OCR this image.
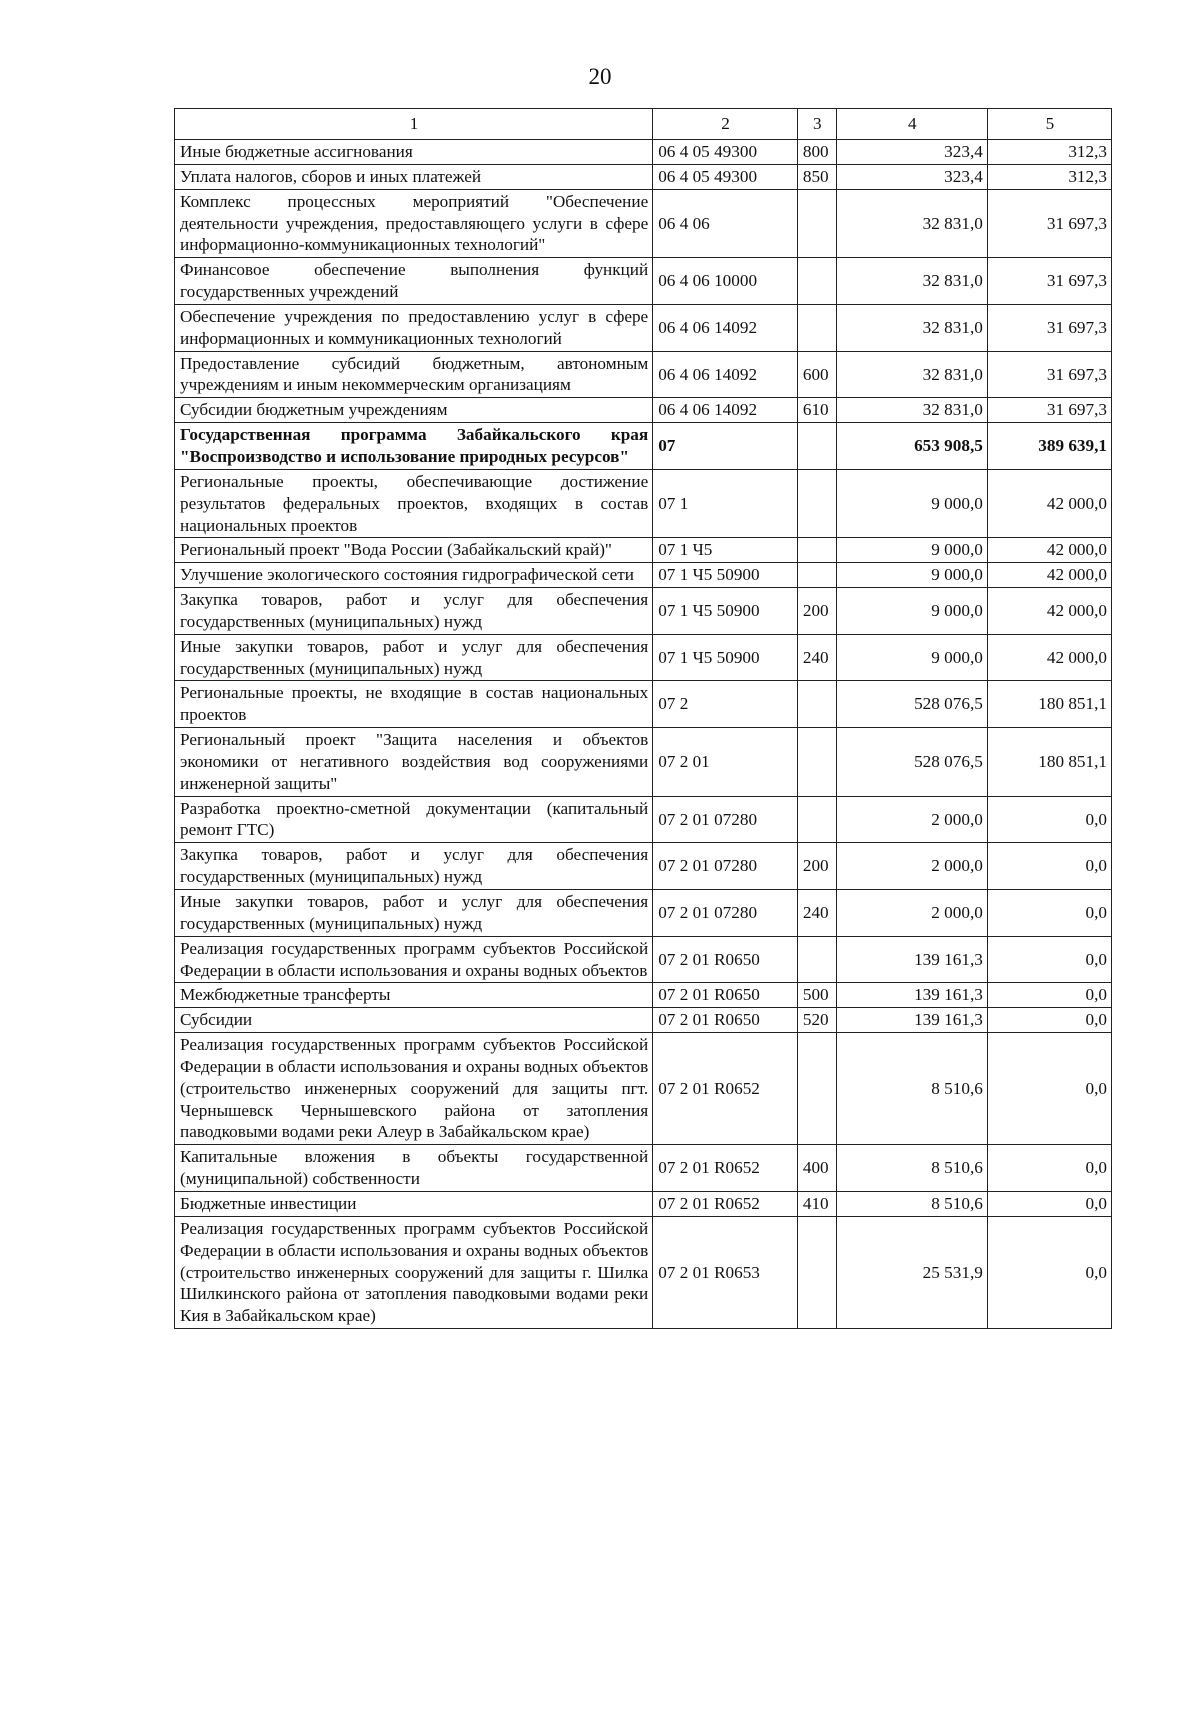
20
1	2	3	4	5
Иные бюджетные ассигнования	06 4 05 49300	800	323,4	312,3
Уплата налогов, сборов и иных платежей	06 4 05 49300	850	323,4	312,3
Комплекс процессных мероприятий "Обеспечение деятельности учреждения, предоставляющего услуги в сфере информационно-коммуникационных технологий"	06 4 06		32 831,0	31 697,3
Финансовое обеспечение выполнения функций государственных учреждений	06 4 06 10000		32 831,0	31 697,3
Обеспечение учреждения по предоставлению услуг в сфере информационных и коммуникационных технологий	06 4 06 14092		32 831,0	31 697,3
Предоставление субсидий бюджетным, автономным учреждениям и иным некоммерческим организациям	06 4 06 14092	600	32 831,0	31 697,3
Субсидии бюджетным учреждениям	06 4 06 14092	610	32 831,0	31 697,3
Государственная программа Забайкальского края "Воспроизводство и использование природных ресурсов"	07		653 908,5	389 639,1
Региональные проекты, обеспечивающие достижение результатов федеральных проектов, входящих в состав национальных проектов	07 1		9 000,0	42 000,0
Региональный проект "Вода России (Забайкальский край)"	07 1 Ч5		9 000,0	42 000,0
Улучшение экологического состояния гидрографической сети	07 1 Ч5 50900		9 000,0	42 000,0
Закупка товаров, работ и услуг для обеспечения государственных (муниципальных) нужд	07 1 Ч5 50900	200	9 000,0	42 000,0
Иные закупки товаров, работ и услуг для обеспечения государственных (муниципальных) нужд	07 1 Ч5 50900	240	9 000,0	42 000,0
Региональные проекты, не входящие в состав национальных проектов	07 2		528 076,5	180 851,1
Региональный проект "Защита населения и объектов экономики от негативного воздействия вод сооружениями инженерной защиты"	07 2 01		528 076,5	180 851,1
Разработка проектно-сметной документации (капитальный ремонт ГТС)	07 2 01 07280		2 000,0	0,0
Закупка товаров, работ и услуг для обеспечения государственных (муниципальных) нужд	07 2 01 07280	200	2 000,0	0,0
Иные закупки товаров, работ и услуг для обеспечения государственных (муниципальных) нужд	07 2 01 07280	240	2 000,0	0,0
Реализация государственных программ субъектов Российской Федерации в области использования и охраны водных объектов	07 2 01 R0650		139 161,3	0,0
Межбюджетные трансферты	07 2 01 R0650	500	139 161,3	0,0
Субсидии	07 2 01 R0650	520	139 161,3	0,0
Реализация государственных программ субъектов Российской Федерации в области использования и охраны водных объектов (строительство инженерных сооружений для защиты пгт. Чернышевск Чернышевского района от затопления паводковыми водами реки Алеур в Забайкальском крае)	07 2 01 R0652		8 510,6	0,0
Капитальные вложения в объекты государственной (муниципальной) собственности	07 2 01 R0652	400	8 510,6	0,0
Бюджетные инвестиции	07 2 01 R0652	410	8 510,6	0,0
Реализация государственных программ субъектов Российской Федерации в области использования и охраны водных объектов (строительство инженерных сооружений для защиты г. Шилка Шилкинского района от затопления паводковыми водами реки Кия в Забайкальском крае)	07 2 01 R0653		25 531,9	0,0
